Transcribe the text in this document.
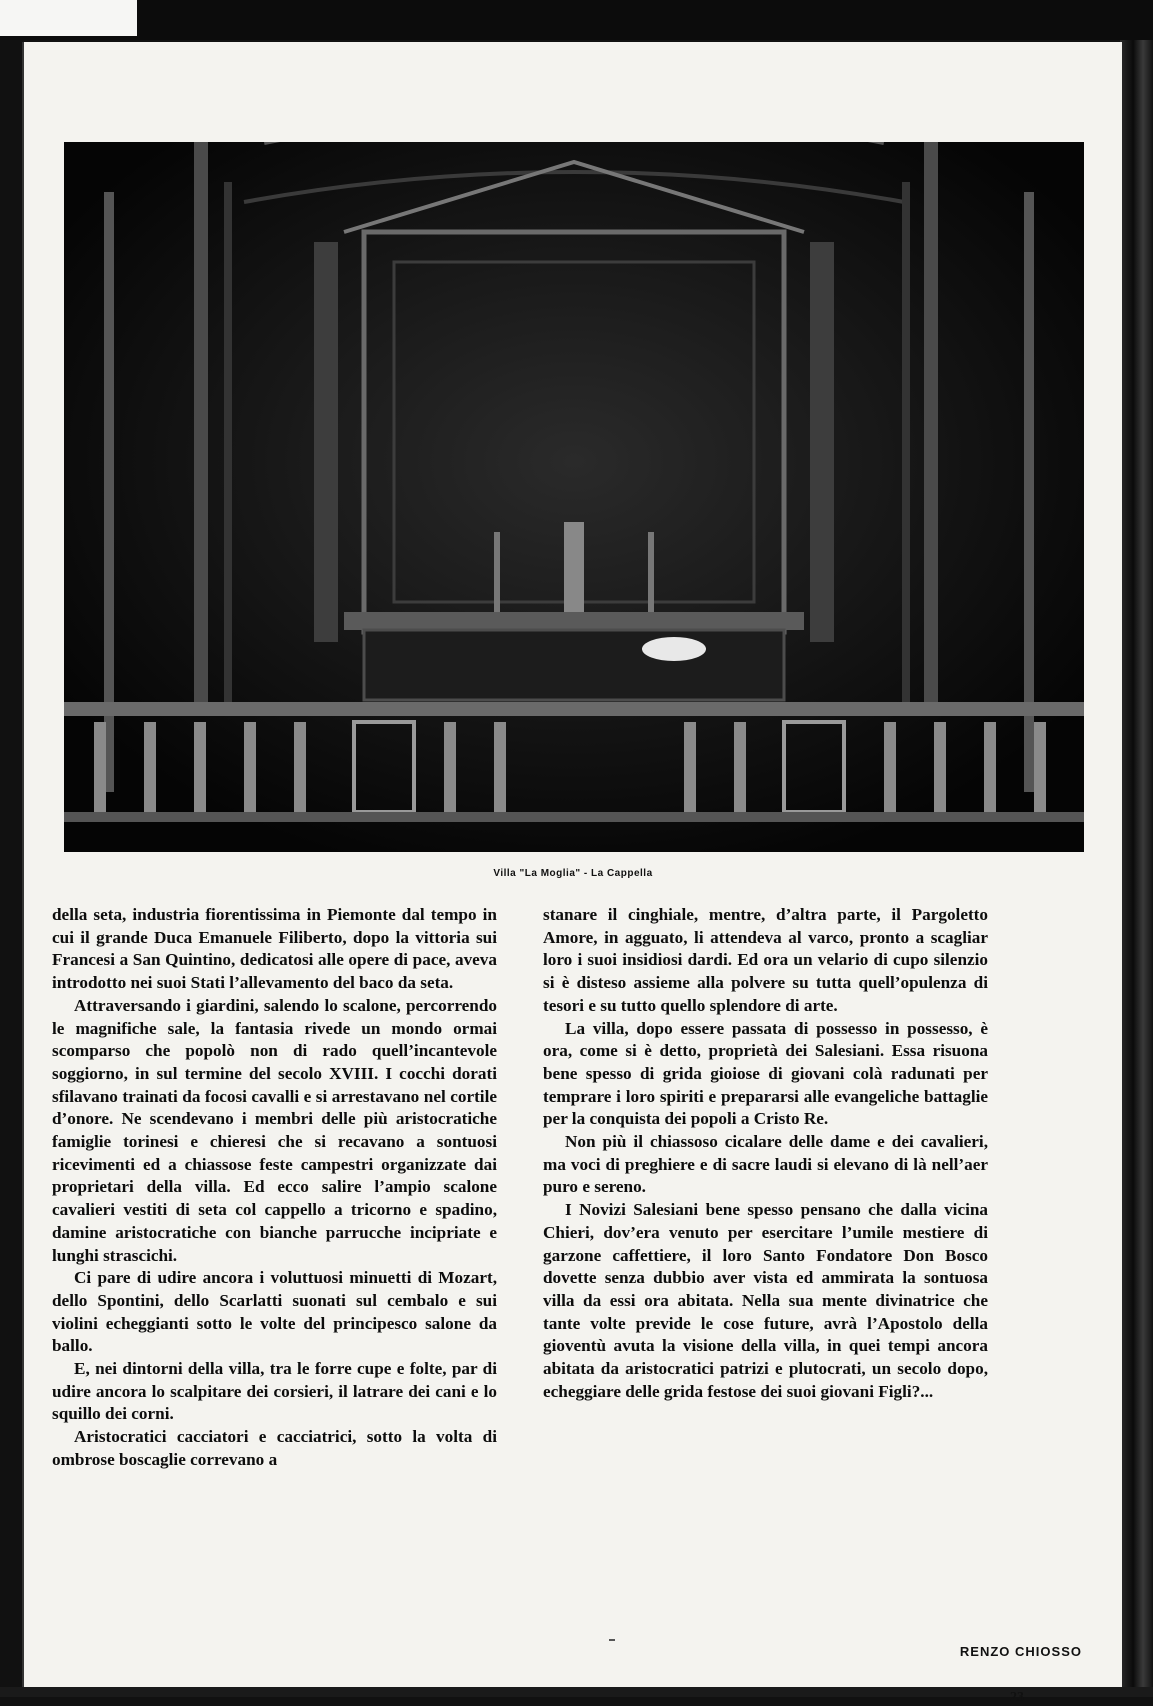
Villa "La Moglia" - La Cappella

della seta, industria fiorentissima in Piemonte dal tempo in cui il grande Duca Emanuele Filiberto, dopo la vittoria sui Francesi a San Quintino, dedicatosi alle opere di pace, aveva introdotto nei suoi Stati l’allevamento del baco da seta.

Attraversando i giardini, salendo lo scalone, percorrendo le magnifiche sale, la fantasia rivede un mondo ormai scomparso che popolò non di rado quell’incantevole soggiorno, in sul termine del secolo XVIII. I cocchi dorati sfilavano trainati da focosi cavalli e si arrestavano nel cortile d’onore. Ne scendevano i membri delle più aristocratiche famiglie torinesi e chieresi che si recavano a sontuosi ricevimenti ed a chiassose feste campestri organizzate dai proprietari della villa. Ed ecco salire l’ampio scalone cavalieri vestiti di seta col cappello a tricorno e spadino, damine aristocratiche con bianche parrucche incipriate e lunghi strascichi.

Ci pare di udire ancora i voluttuosi minuetti di Mozart, dello Spontini, dello Scarlatti suonati sul cembalo e sui violini echeggianti sotto le volte del principesco salone da ballo.

E, nei dintorni della villa, tra le forre cupe e folte, par di udire ancora lo scalpitare dei corsieri, il latrare dei cani e lo squillo dei corni.

Aristocratici cacciatori e cacciatrici, sotto la volta di ombrose boscaglie correvano a

stanare il cinghiale, mentre, d’altra parte, il Pargoletto Amore, in agguato, li attendeva al varco, pronto a scagliar loro i suoi insidiosi dardi. Ed ora un velario di cupo silenzio si è disteso assieme alla polvere su tutta quell’opulenza di tesori e su tutto quello splendore di arte.

La villa, dopo essere passata di possesso in possesso, è ora, come si è detto, proprietà dei Salesiani. Essa risuona bene spesso di grida gioiose di giovani colà radunati per temprare i loro spiriti e prepararsi alle evangeliche battaglie per la conquista dei popoli a Cristo Re.

Non più il chiassoso cicalare delle dame e dei cavalieri, ma voci di preghiere e di sacre laudi si elevano di là nell’aer puro e sereno.

I Novizi Salesiani bene spesso pensano che dalla vicina Chieri, dov’era venuto per esercitare l’umile mestiere di garzone caffettiere, il loro Santo Fondatore Don Bosco dovette senza dubbio aver vista ed ammirata la sontuosa villa da essi ora abitata. Nella sua mente divinatrice che tante volte previde le cose future, avrà l’Apostolo della gioventù avuta la visione della villa, in quei tempi ancora abitata da aristocratici patrizi e plutocrati, un secolo dopo, echeggiare delle grida festose dei suoi giovani Figli?...

RENZO CHIOSSO
23
